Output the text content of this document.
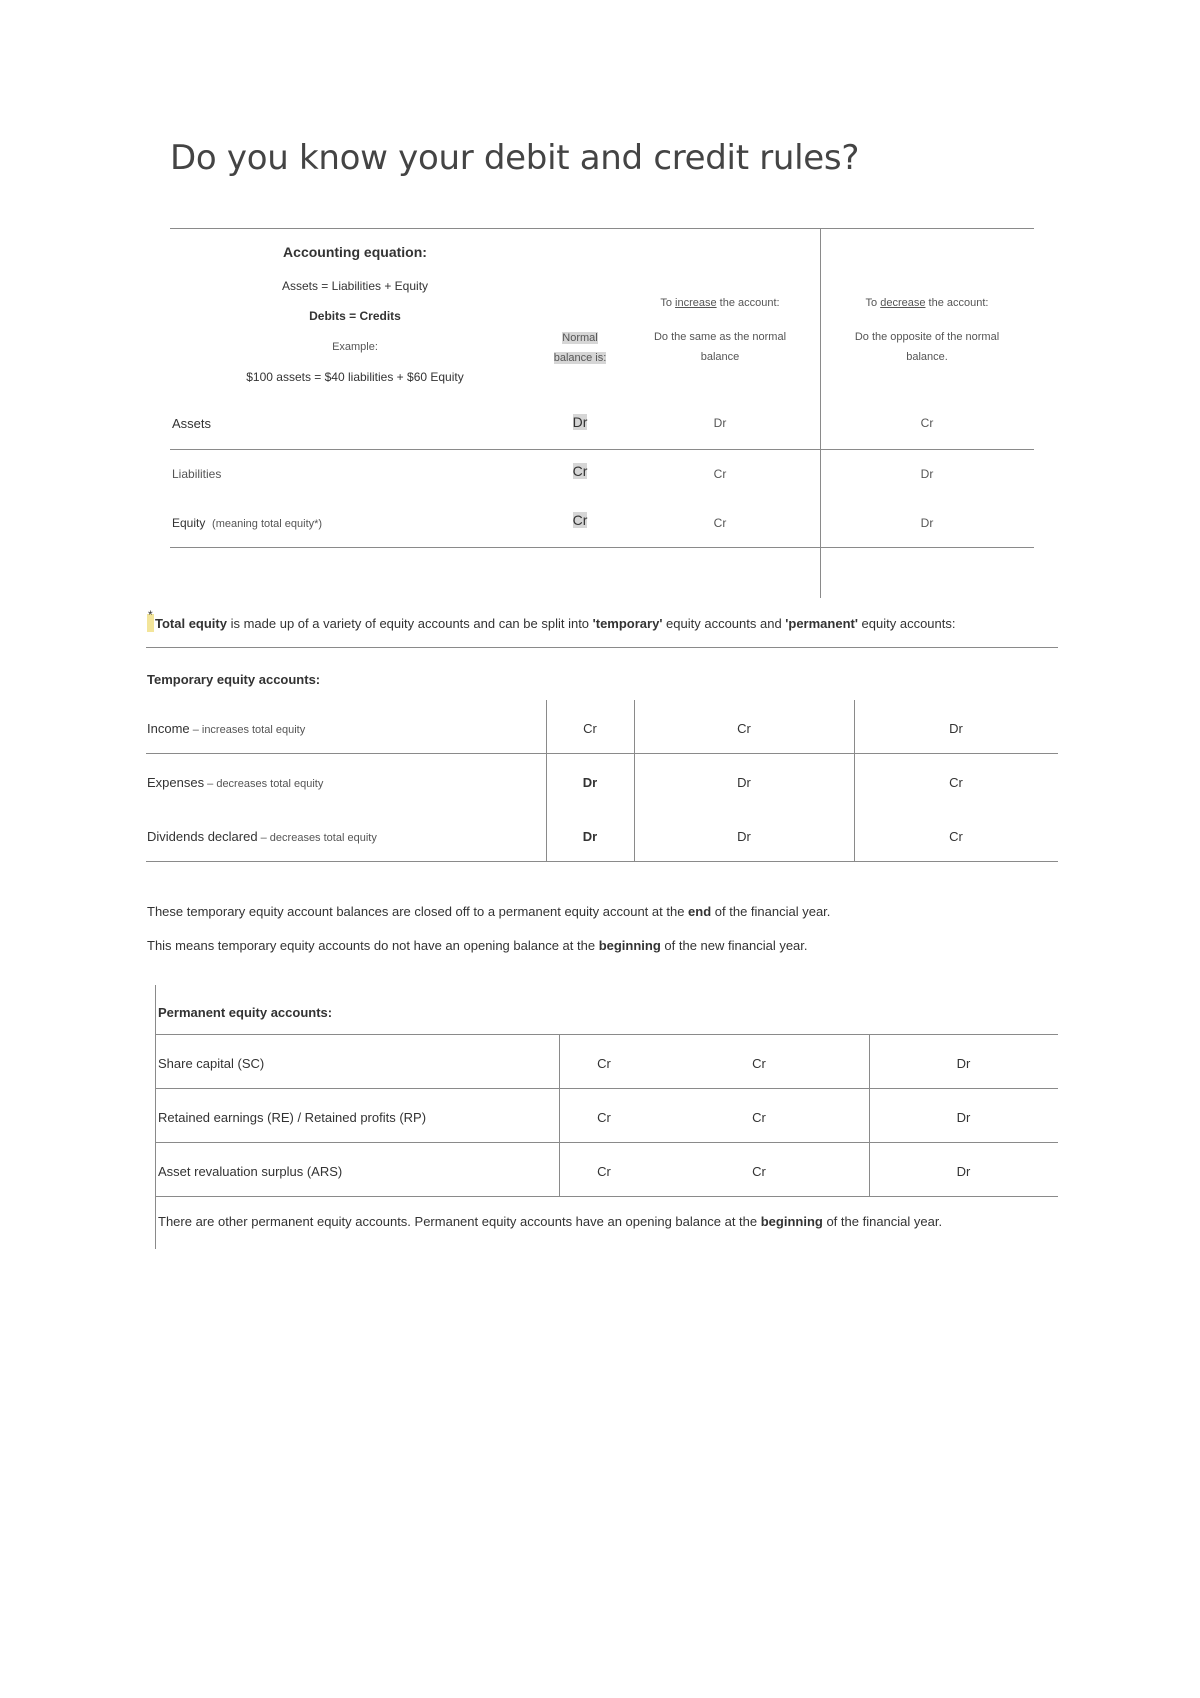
Do you know your debit and credit rules?
Accounting equation:
Assets = Liabilities + Equity
Debits = Credits
Example:
$100 assets = $40 liabilities + $60 Equity
Normal
balance is:
To increase the account:
Do the same as the normal
balance
To decrease the account:
Do the opposite of the normal
balance.
Assets	Dr	Dr	Cr
Liabilities	Cr	Cr	Dr
Equity (meaning total equity*)	Cr	Cr	Dr
*Total equity is made up of a variety of equity accounts and can be split into 'temporary' equity accounts and 'permanent' equity accounts:
Temporary equity accounts:
Income – increases total equity	Cr	Cr	Dr
Expenses – decreases total equity	Dr	Dr	Cr
Dividends declared – decreases total equity	Dr	Dr	Cr
These temporary equity account balances are closed off to a permanent equity account at the end of the financial year.
This means temporary equity accounts do not have an opening balance at the beginning of the new financial year.
Permanent equity accounts:
Share capital (SC)	Cr	Cr	Dr
Retained earnings (RE) / Retained profits (RP)	Cr	Cr	Dr
Asset revaluation surplus (ARS)	Cr	Cr	Dr
There are other permanent equity accounts. Permanent equity accounts have an opening balance at the beginning of the financial year.
